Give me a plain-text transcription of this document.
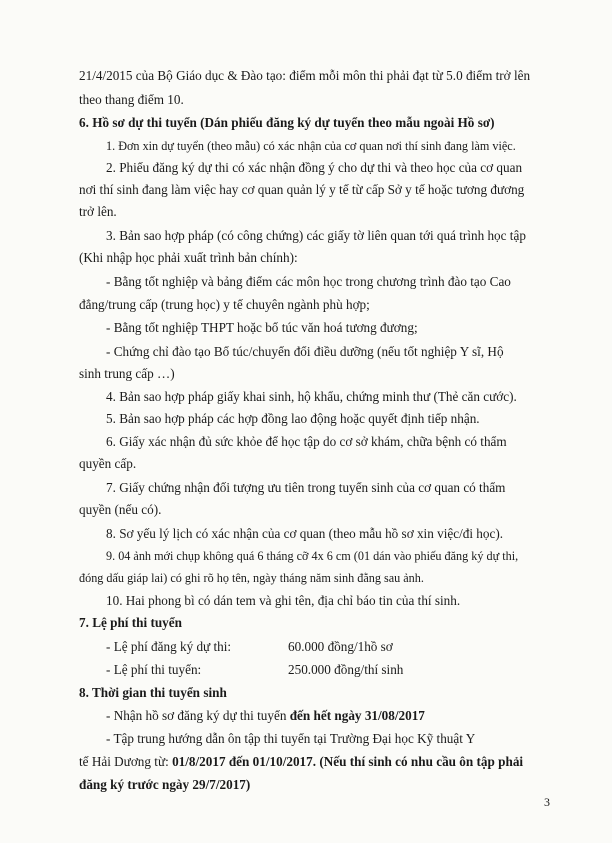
21/4/2015 của Bộ Giáo dục & Đào tạo: điểm mỗi môn thi phải đạt từ 5.0 điểm trở lên
theo thang điểm 10.
6. Hồ sơ dự thi tuyển (Dán phiếu đăng ký dự tuyển theo mẫu ngoài Hồ sơ)
1. Đơn xin dự tuyển (theo mẫu) có xác nhận của cơ quan nơi thí sinh đang làm việc.
2. Phiếu đăng ký dự thi có xác nhận đồng ý cho dự thi và theo học của cơ quan
nơi thí sinh đang làm việc hay cơ quan quản lý y tế từ cấp Sở y tế hoặc tương đương
trở lên.
3. Bản sao hợp pháp (có công chứng) các giấy tờ liên quan tới quá trình học tập
(Khi nhập học phải xuất trình bản chính):
- Bằng tốt nghiệp và bảng điểm các môn học trong chương trình đào tạo Cao
đẳng/trung cấp (trung học) y tế chuyên ngành phù hợp;
- Bằng tốt nghiệp THPT hoặc bổ túc văn hoá tương đương;
- Chứng chỉ đào tạo Bổ túc/chuyển đổi điều dưỡng (nếu tốt nghiệp Y sĩ, Hộ
sinh trung cấp …)
4. Bản sao hợp pháp giấy khai sinh, hộ khẩu, chứng minh thư (Thẻ căn cước).
5. Bản sao hợp pháp các hợp đồng lao động hoặc quyết định tiếp nhận.
6. Giấy xác nhận đủ sức khỏe để học tập do cơ sở khám, chữa bệnh có thẩm
quyền cấp.
7. Giấy chứng nhận đối tượng ưu tiên trong tuyển sinh của cơ quan có thẩm
quyền (nếu có).
8. Sơ yếu lý lịch có xác nhận của cơ quan (theo mẫu hồ sơ xin việc/đi học).
9. 04 ảnh mới chụp không quá 6 tháng cỡ 4x 6 cm (01 dán vào phiếu đăng ký dự thi,
đóng dấu giáp lai) có ghi rõ họ tên, ngày tháng năm sinh đằng sau ảnh.
10. Hai phong bì có dán tem và ghi tên, địa chỉ báo tin của thí sinh.
7. Lệ phí thi tuyển
- Lệ phí đăng ký dự thi:	60.000 đồng/1hồ sơ
- Lệ phí thi tuyển:	250.000 đồng/thí sinh
8. Thời gian thi tuyển sinh
- Nhận hồ sơ đăng ký dự thi tuyển đến hết ngày 31/08/2017
- Tập trung hướng dẫn ôn tập thi tuyển tại Trường Đại học Kỹ thuật Y
tế Hải Dương từ: 01/8/2017 đến 01/10/2017. (Nếu thí sinh có nhu cầu ôn tập phải
đăng ký trước ngày 29/7/2017)
3
